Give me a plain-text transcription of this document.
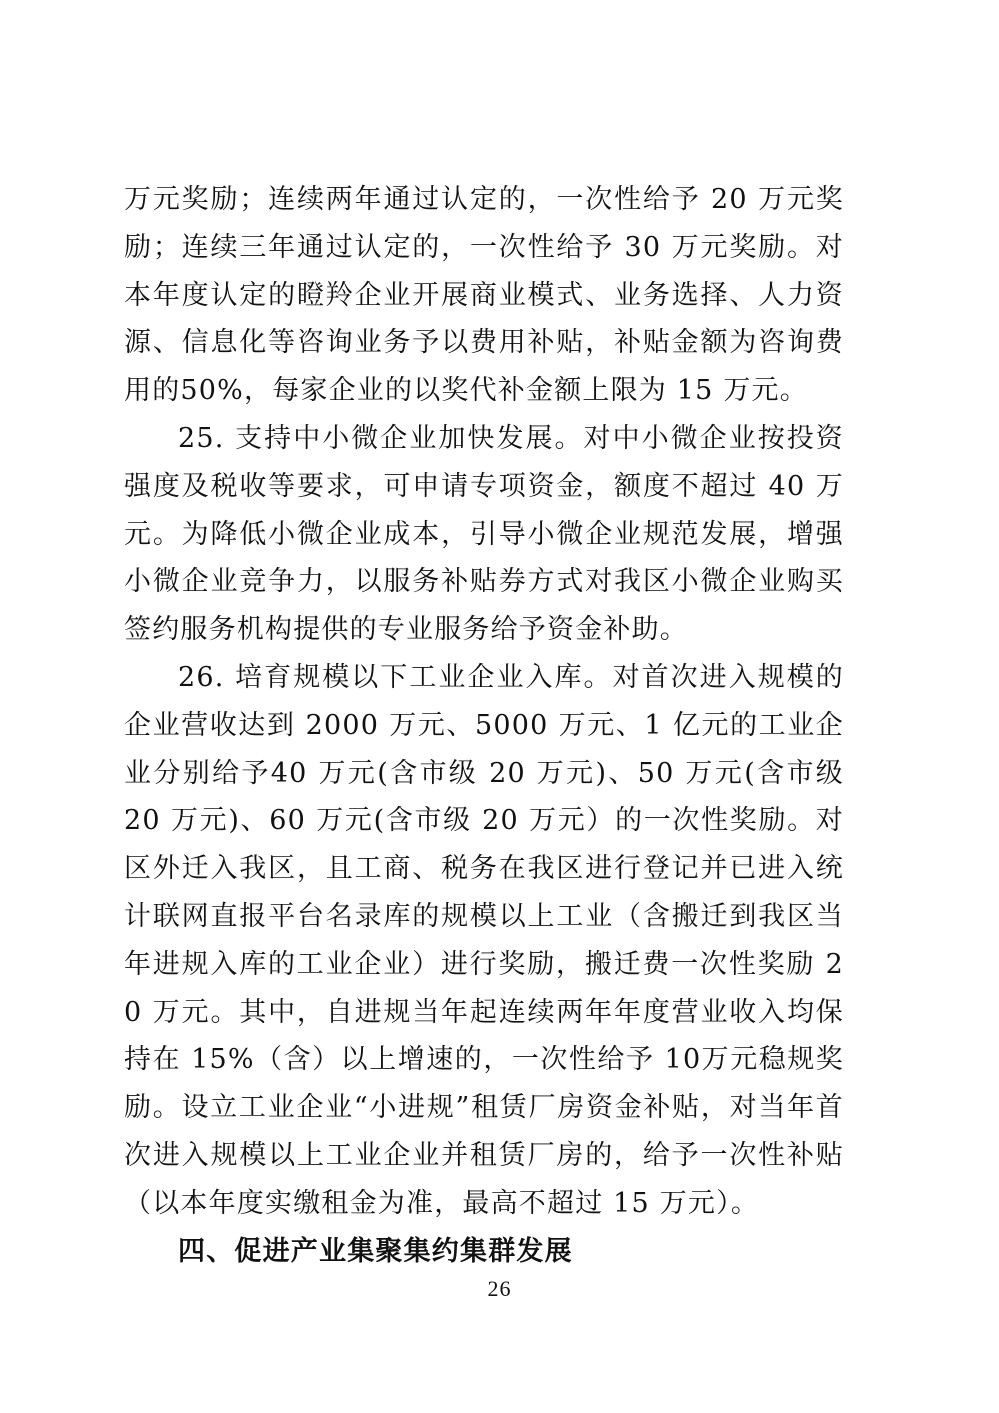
万元奖励；连续两年通过认定的，一次性给予 20 万元奖励；连续三年通过认定的，一次性给予 30 万元奖励。对本年度认定的瞪羚企业开展商业模式、业务选择、人力资源、信息化等咨询业务予以费用补贴，补贴金额为咨询费用的50%，每家企业的以奖代补金额上限为 15 万元。

25. 支持中小微企业加快发展。对中小微企业按投资强度及税收等要求，可申请专项资金，额度不超过 40 万元。为降低小微企业成本，引导小微企业规范发展，增强小微企业竞争力，以服务补贴券方式对我区小微企业购买签约服务机构提供的专业服务给予资金补助。

26. 培育规模以下工业企业入库。对首次进入规模的企业营收达到 2000 万元、5000 万元、1 亿元的工业企业分别给予40 万元(含市级 20 万元)、50 万元(含市级 20 万元)、60 万元(含市级 20 万元）的一次性奖励。对区外迁入我区，且工商、税务在我区进行登记并已进入统计联网直报平台名录库的规模以上工业（含搬迁到我区当年进规入库的工业企业）进行奖励，搬迁费一次性奖励 20 万元。其中，自进规当年起连续两年年度营业收入均保持在 15%（含）以上增速的，一次性给予 10万元稳规奖励。设立工业企业“小进规”租赁厂房资金补贴，对当年首次进入规模以上工业企业并租赁厂房的，给予一次性补贴（以本年度实缴租金为准，最高不超过 15 万元）。

四、促进产业集聚集约集群发展

26
